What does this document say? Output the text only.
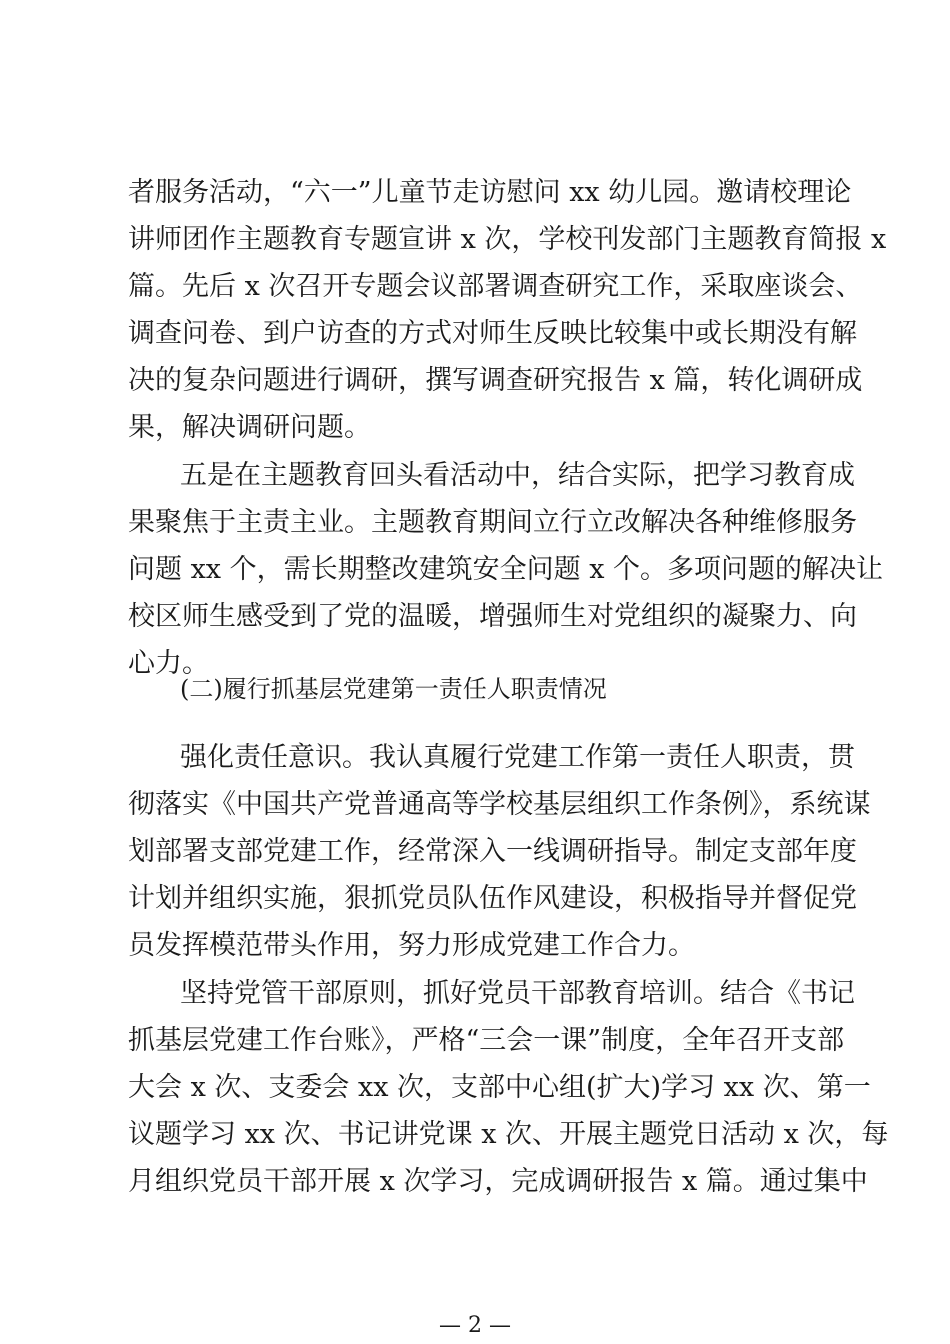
者服务活动，“六一”儿童节走访慰问 xx 幼儿园。邀请校理论
讲师团作主题教育专题宣讲 x 次，学校刊发部门主题教育简报 x
篇。先后 x 次召开专题会议部署调查研究工作，采取座谈会、
调查问卷、到户访查的方式对师生反映比较集中或长期没有解
决的复杂问题进行调研，撰写调查研究报告 x 篇，转化调研成
果，解决调研问题。
五是在主题教育回头看活动中，结合实际，把学习教育成
果聚焦于主责主业。主题教育期间立行立改解决各种维修服务
问题 xx 个，需长期整改建筑安全问题 x 个。多项问题的解决让
校区师生感受到了党的温暖，增强师生对党组织的凝聚力、向
心力。
(二)履行抓基层党建第一责任人职责情况
强化责任意识。我认真履行党建工作第一责任人职责，贯
彻落实《中国共产党普通高等学校基层组织工作条例》，系统谋
划部署支部党建工作，经常深入一线调研指导。制定支部年度
计划并组织实施，狠抓党员队伍作风建设，积极指导并督促党
员发挥模范带头作用，努力形成党建工作合力。
坚持党管干部原则，抓好党员干部教育培训。结合《书记
抓基层党建工作台账》，严格“三会一课”制度，全年召开支部
大会 x 次、支委会 xx 次，支部中心组(扩大)学习 xx 次、第一
议题学习 xx 次、书记讲党课 x 次、开展主题党日活动 x 次，每
月组织党员干部开展 x 次学习，完成调研报告 x 篇。通过集中
— 2 —
